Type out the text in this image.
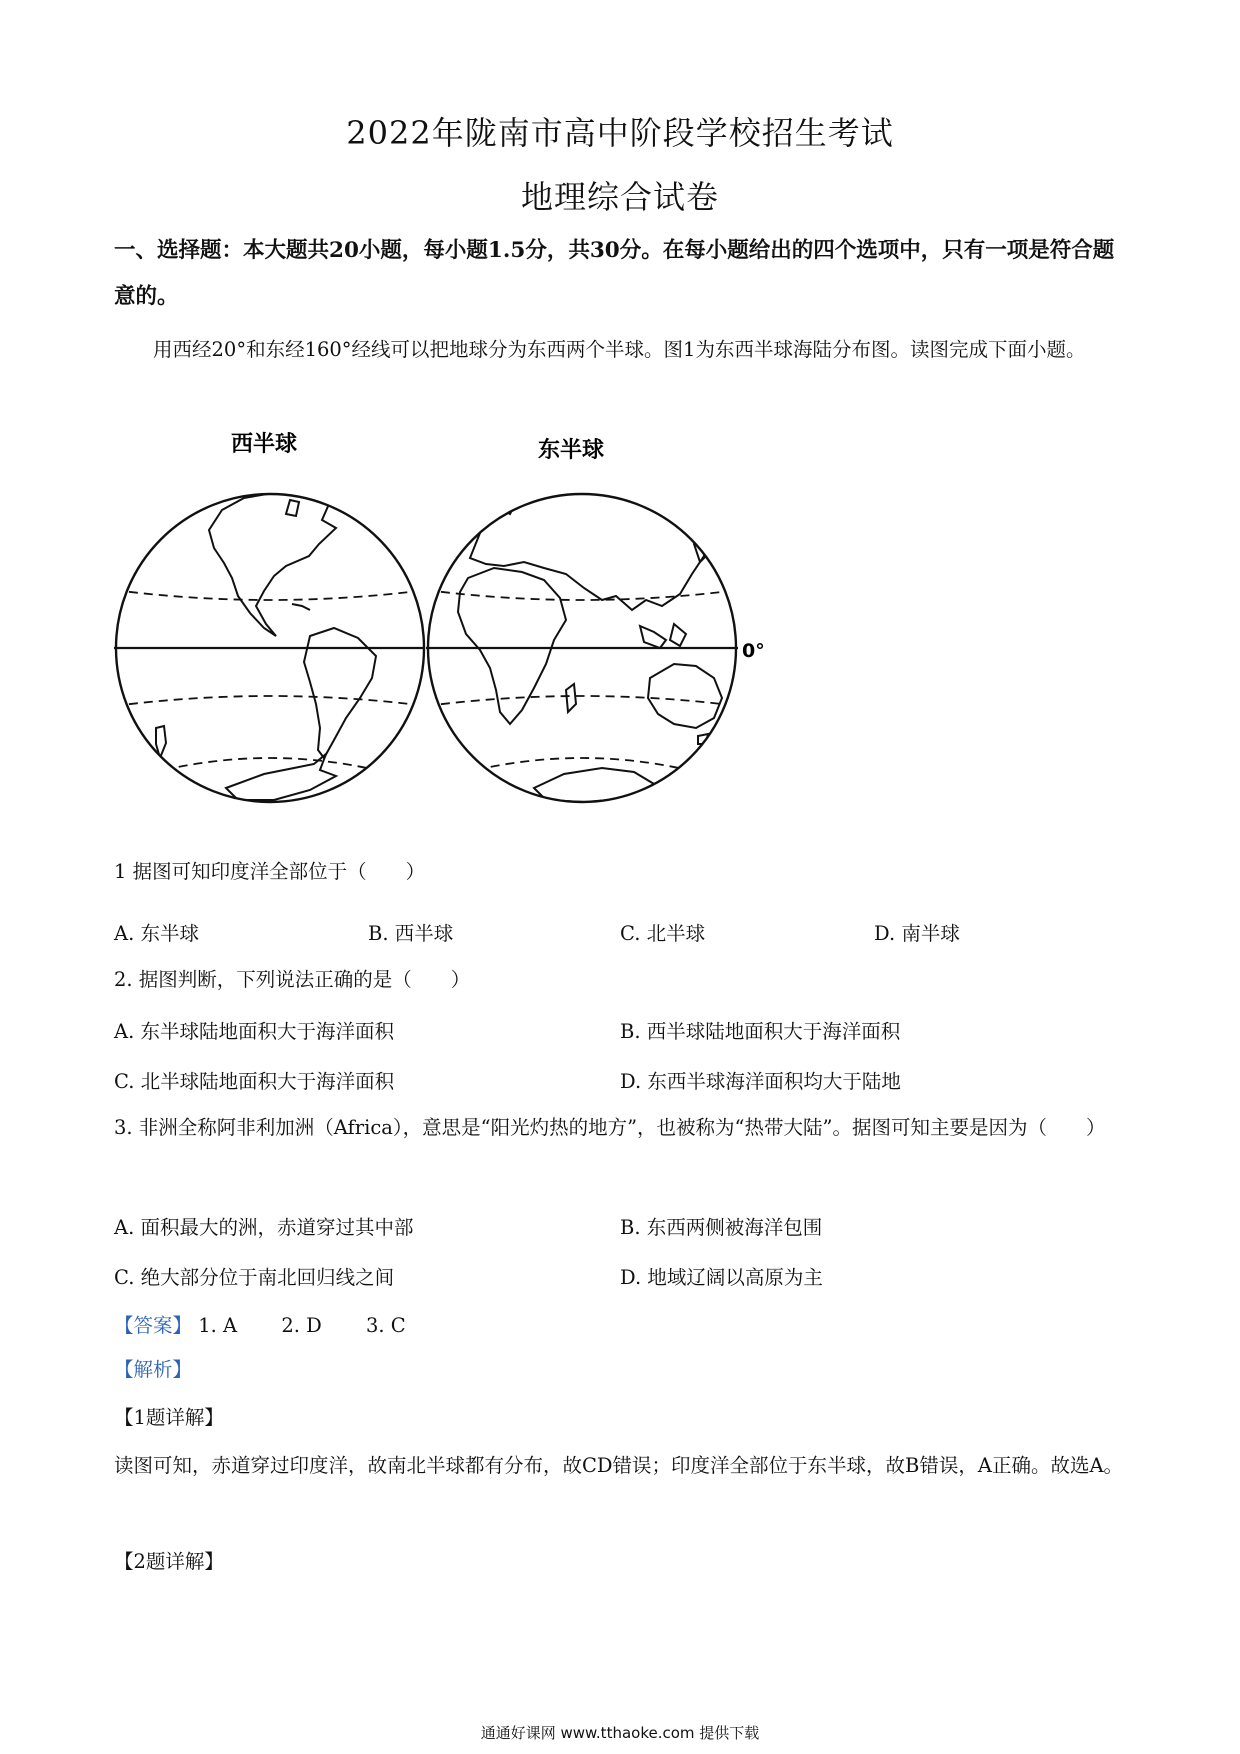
2022年陇南市高中阶段学校招生考试
地理综合试卷
一、选择题：本大题共20小题，每小题1.5分，共30分。在每小题给出的四个选项中，只有一项是符合题意的。
用西经20°和东经160°经线可以把地球分为东西两个半球。图1为东西半球海陆分布图。读图完成下面小题。
西半球	东半球
0°
1 据图可知印度洋全部位于（　　）
A. 东半球	B. 西半球	C. 北半球	D. 南半球
2. 据图判断，下列说法正确的是（　　）
A. 东半球陆地面积大于海洋面积	B. 西半球陆地面积大于海洋面积
C. 北半球陆地面积大于海洋面积	D. 东西半球海洋面积均大于陆地
3. 非洲全称阿非利加洲（Africa），意思是“阳光灼热的地方”，也被称为“热带大陆”。据图可知主要是因为（　　）
A. 面积最大的洲，赤道穿过其中部	B. 东西两侧被海洋包围
C. 绝大部分位于南北回归线之间	D. 地域辽阔以高原为主
【答案】 1. A 2. D 3. C
【解析】
【1题详解】
读图可知，赤道穿过印度洋，故南北半球都有分布，故CD错误；印度洋全部位于东半球，故B错误，A正确。故选A。
【2题详解】
通通好课网 www.tthaoke.com 提供下载
